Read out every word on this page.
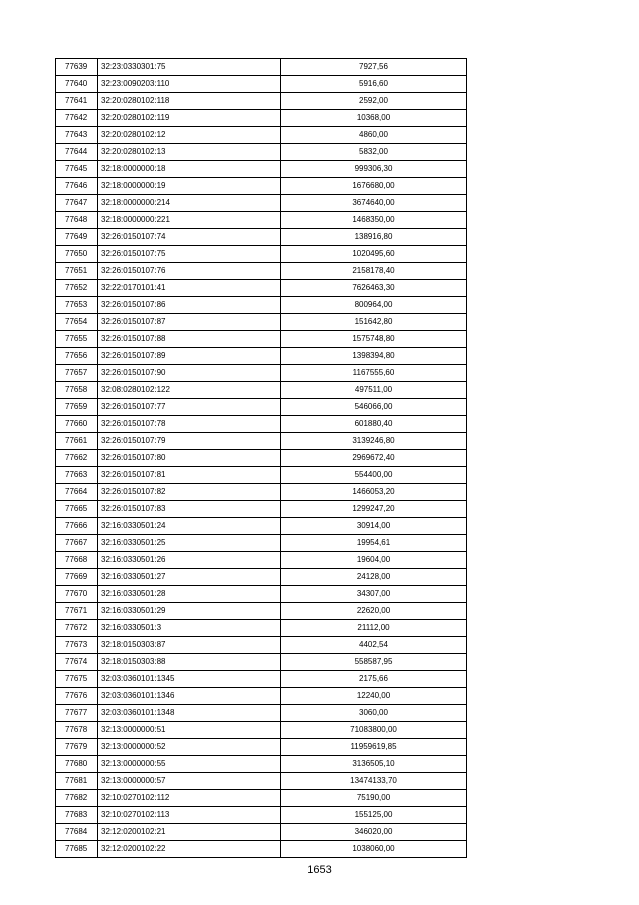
77639	32:23:0330301:75	7927,56
77640	32:23:0090203:110	5916,60
77641	32:20:0280102:118	2592,00
77642	32:20:0280102:119	10368,00
77643	32:20:0280102:12	4860,00
77644	32:20:0280102:13	5832,00
77645	32:18:0000000:18	999306,30
77646	32:18:0000000:19	1676680,00
77647	32:18:0000000:214	3674640,00
77648	32:18:0000000:221	1468350,00
77649	32:26:0150107:74	138916,80
77650	32:26:0150107:75	1020495,60
77651	32:26:0150107:76	2158178,40
77652	32:22:0170101:41	7626463,30
77653	32:26:0150107:86	800964,00
77654	32:26:0150107:87	151642,80
77655	32:26:0150107:88	1575748,80
77656	32:26:0150107:89	1398394,80
77657	32:26:0150107:90	1167555,60
77658	32:08:0280102:122	497511,00
77659	32:26:0150107:77	546066,00
77660	32:26:0150107:78	601880,40
77661	32:26:0150107:79	3139246,80
77662	32:26:0150107:80	2969672,40
77663	32:26:0150107:81	554400,00
77664	32:26:0150107:82	1466053,20
77665	32:26:0150107:83	1299247,20
77666	32:16:0330501:24	30914,00
77667	32:16:0330501:25	19954,61
77668	32:16:0330501:26	19604,00
77669	32:16:0330501:27	24128,00
77670	32:16:0330501:28	34307,00
77671	32:16:0330501:29	22620,00
77672	32:16:0330501:3	21112,00
77673	32:18:0150303:87	4402,54
77674	32:18:0150303:88	558587,95
77675	32:03:0360101:1345	2175,66
77676	32:03:0360101:1346	12240,00
77677	32:03:0360101:1348	3060,00
77678	32:13:0000000:51	71083800,00
77679	32:13:0000000:52	11959619,85
77680	32:13:0000000:55	3136505,10
77681	32:13:0000000:57	13474133,70
77682	32:10:0270102:112	75190,00
77683	32:10:0270102:113	155125,00
77684	32:12:0200102:21	346020,00
77685	32:12:0200102:22	1038060,00
1653
